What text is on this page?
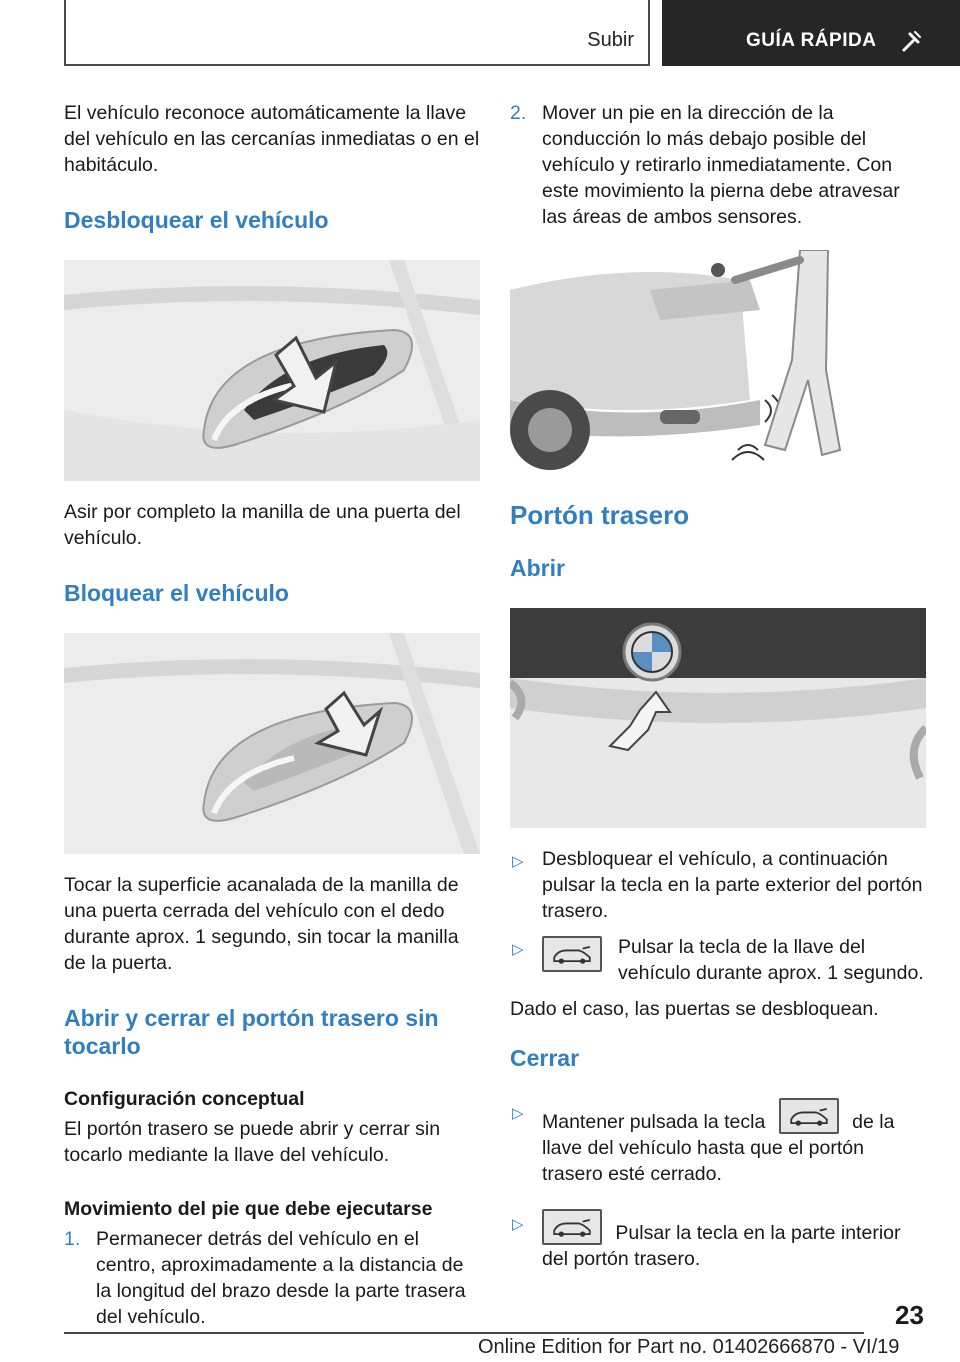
Subir	GUÍA RÁPIDA

El vehículo reconoce automáticamente la llave del vehículo en las cercanías inmediatas o en el habitáculo.

Desbloquear el vehículo

Asir por completo la manilla de una puerta del vehículo.

Bloquear el vehículo

Tocar la superficie acanalada de la manilla de una puerta cerrada del vehículo con el dedo durante aprox. 1 segundo, sin tocar la manilla de la puerta.

Abrir y cerrar el portón trasero sin tocarlo
Configuración conceptual

El portón trasero se puede abrir y cerrar sin tocarlo mediante la llave del vehículo.

Movimiento del pie que debe ejecutarse
1. Permanecer detrás del vehículo en el centro, aproximadamente a la distancia de la longitud del brazo desde la parte trasera del vehículo.
2. Mover un pie en la dirección de la conducción lo más debajo posible del vehículo y retirarlo inmediatamente. Con este movimiento la pierna debe atravesar las áreas de ambos sensores.
Portón trasero
Abrir
▷ Desbloquear el vehículo, a continuación pulsar la tecla en la parte exterior del portón trasero.
▷	Pulsar la tecla de la llave del vehículo durante aprox. 1 segundo.

Dado el caso, las puertas se desbloquean.

Cerrar
▷ Mantener pulsada la tecla	de la llave del vehículo hasta que el portón trasero esté cerrado.
▷	Pulsar la tecla en la parte interior del portón trasero.
23
Online Edition for Part no. 01402666870 - VI/19
